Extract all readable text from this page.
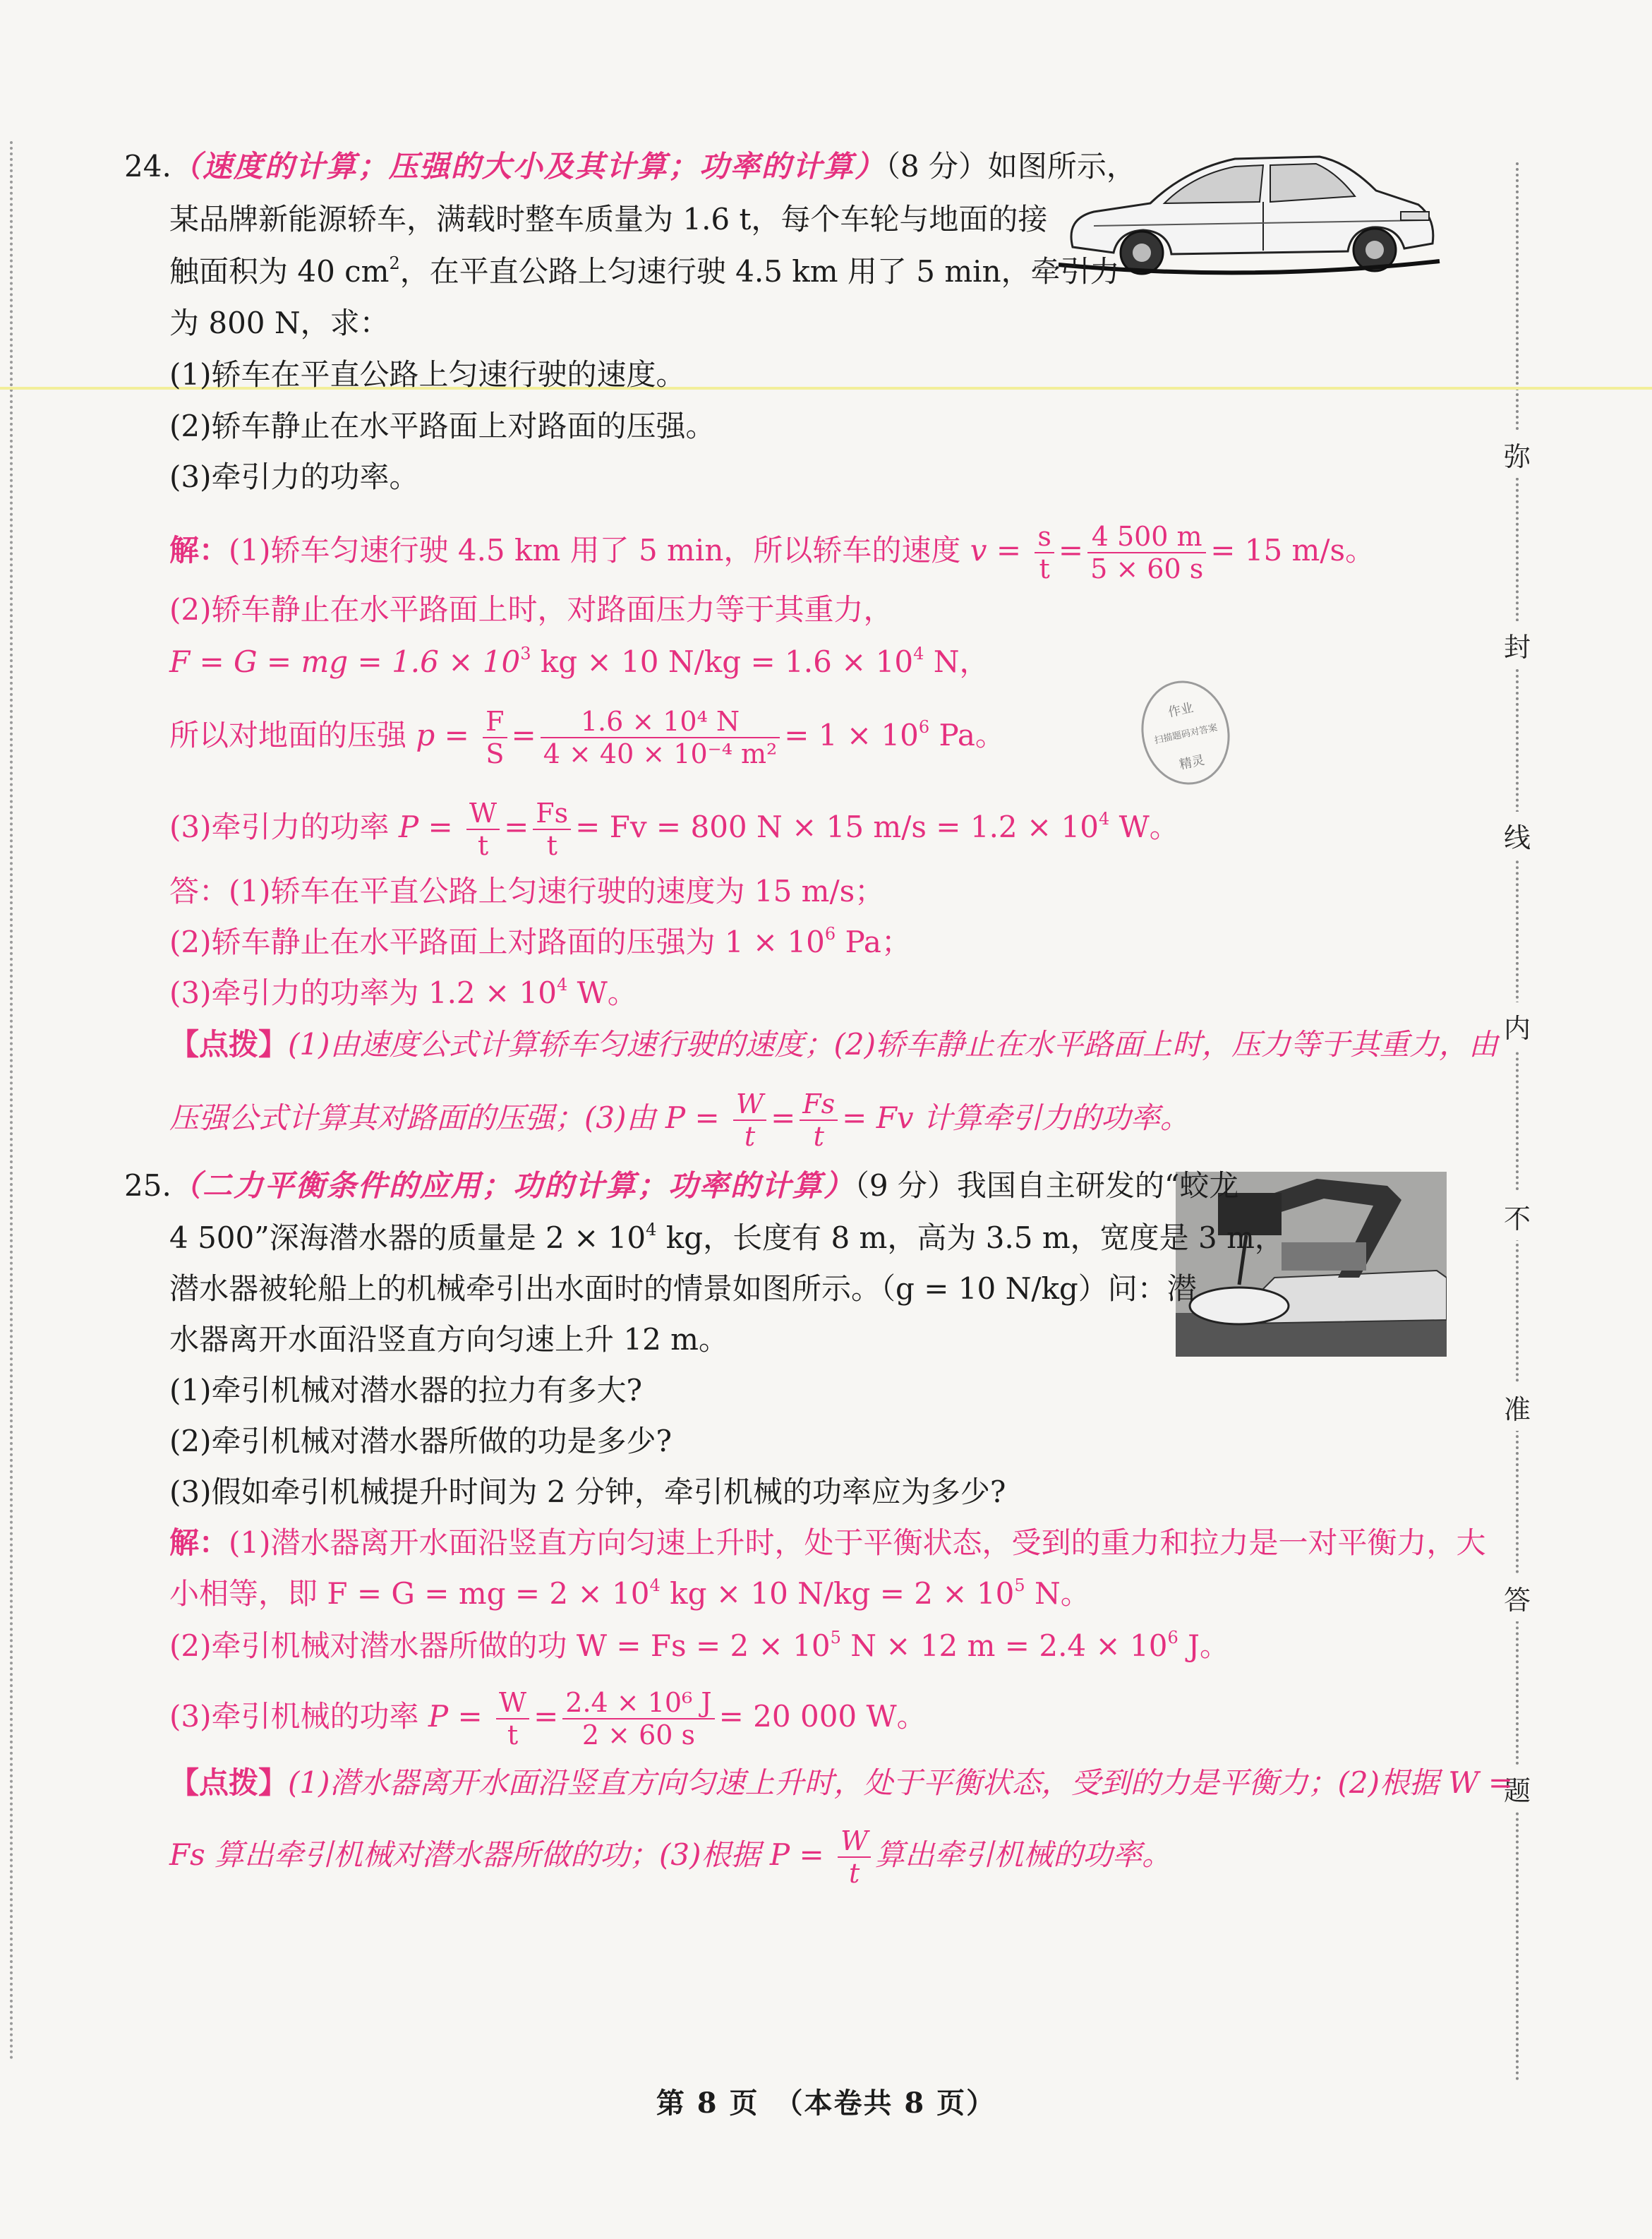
弥
封
线
内
不
准
答
题
作业
扫描题码对答案
精灵
24.（速度的计算；压强的大小及其计算；功率的计算）（8 分）如图所示，
某品牌新能源轿车，满载时整车质量为 1.6 t，每个车轮与地面的接
触面积为 40 $cm^2$，在平直公路上匀速行驶 4.5 km 用了 5 min，牵引力
为 800 N，求：
(1)轿车在平直公路上匀速行驶的速度。
(2)轿车静止在水平路面上对路面的压强。
(3)牵引力的功率。
解：(1)轿车匀速行驶 4.5 km 用了 5 min，所以轿车的速度 $v = \frac{s}{t} = \frac{4 500 m}{5 \times 60 s} = 15$ m/s。
(2)轿车静止在水平路面上时，对路面压力等于其重力，
F = G = mg = $1.6 \times 10^3$ kg × 10 $N/kg = 1.6 \times 10^4$ N，
所以对地面的压强 $p = \frac{F}{S} = \frac{\text{1.6 × 10⁴ N}}{\text{4 × 40 × 10⁻⁴ m²}} = 1 \times 10^6$ Pa。
(3)牵引力的功率 $P = \frac{W}{t} = \frac{Fs}{t} = Fv = 800$ N × 15 $m/s = 1.2 \times 10^4$ W。
答：(1)轿车在平直公路上匀速行驶的速度为 15 m/s；
(2)轿车静止在水平路面上对路面的压强为 $1 \times 10^6$ Pa；
(3)牵引力的功率为 $1.2 \times 10^4$ W。
【点拨】(1)由速度公式计算轿车匀速行驶的速度；(2)轿车静止在水平路面上时，压力等于其重力，由
压强公式计算其对路面的压强；(3)由 $P = \frac{W}{t} = \frac{Fs}{t} = Fv$ 计算牵引力的功率。
25.（二力平衡条件的应用；功的计算；功率的计算）（9 分）我国自主研发的“蛟龙
4 500”深海潜水器的质量是 $2 \times 10^4$ kg，长度有 8 m，高为 3.5 m，宽度是 3 m，
潜水器被轮船上的机械牵引出水面时的情景如图所示。（g = 10 N/kg）问：潜
水器离开水面沿竖直方向匀速上升 12 m。
(1)牵引机械对潜水器的拉力有多大?
(2)牵引机械对潜水器所做的功是多少?
(3)假如牵引机械提升时间为 2 分钟，牵引机械的功率应为多少?
解：(1)潜水器离开水面沿竖直方向匀速上升时，处于平衡状态，受到的重力和拉力是一对平衡力，大
小相等，即 F = G = mg = $2 \times 10^4$ kg × 10 $N/kg = 2 \times 10^5$ N。
(2)牵引机械对潜水器所做的功 $W = Fs = 2 \times 10^5$ N × 12 $m = 2.4 \times 10^6$ J。
(3)牵引机械的功率 $P = \frac{W}{t} = \frac{\text{2.4 × 10⁶ J}}{2 \times 60 s} = 20$ 000 W。
【点拨】(1)潜水器离开水面沿竖直方向匀速上升时，处于平衡状态，受到的力是平衡力；(2)根据 W =
Fs 算出牵引机械对潜水器所做的功；(3)根据 $P = \frac{W}{t}$ 算出牵引机械的功率。
第 8 页　（本卷共 8 页）
